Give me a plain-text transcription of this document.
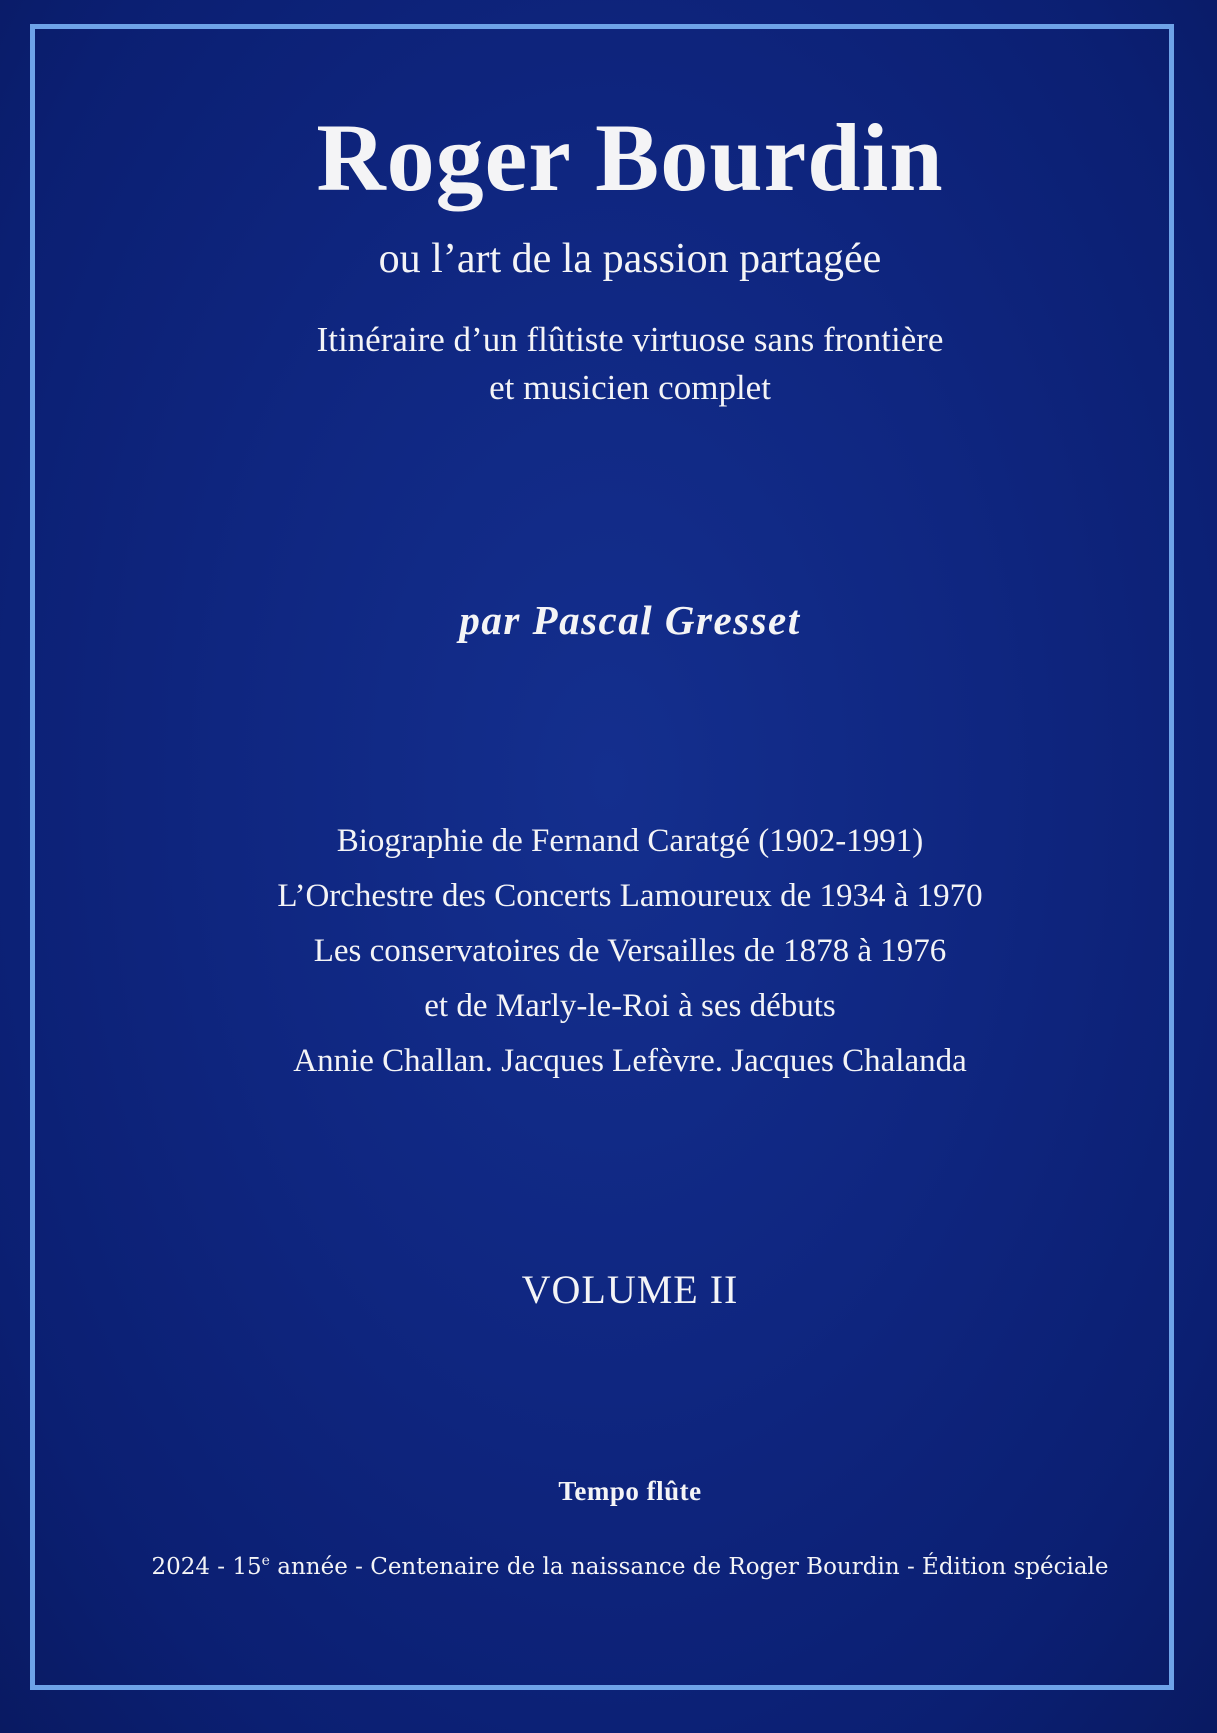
Roger Bourdin

ou l’art de la passion partagée

Itinéraire d’un flûtiste virtuose sans frontière
et musicien complet

par Pascal Gresset

Biographie de Fernand Caratgé (1902-1991)
L’Orchestre des Concerts Lamoureux de 1934 à 1970
Les conservatoires de Versailles de 1878 à 1976
et de Marly-le-Roi à ses débuts
Annie Challan. Jacques Lefèvre. Jacques Chalanda

VOLUME II

Tempo flûte

2024 - 15e année - Centenaire de la naissance de Roger Bourdin - Édition spéciale
